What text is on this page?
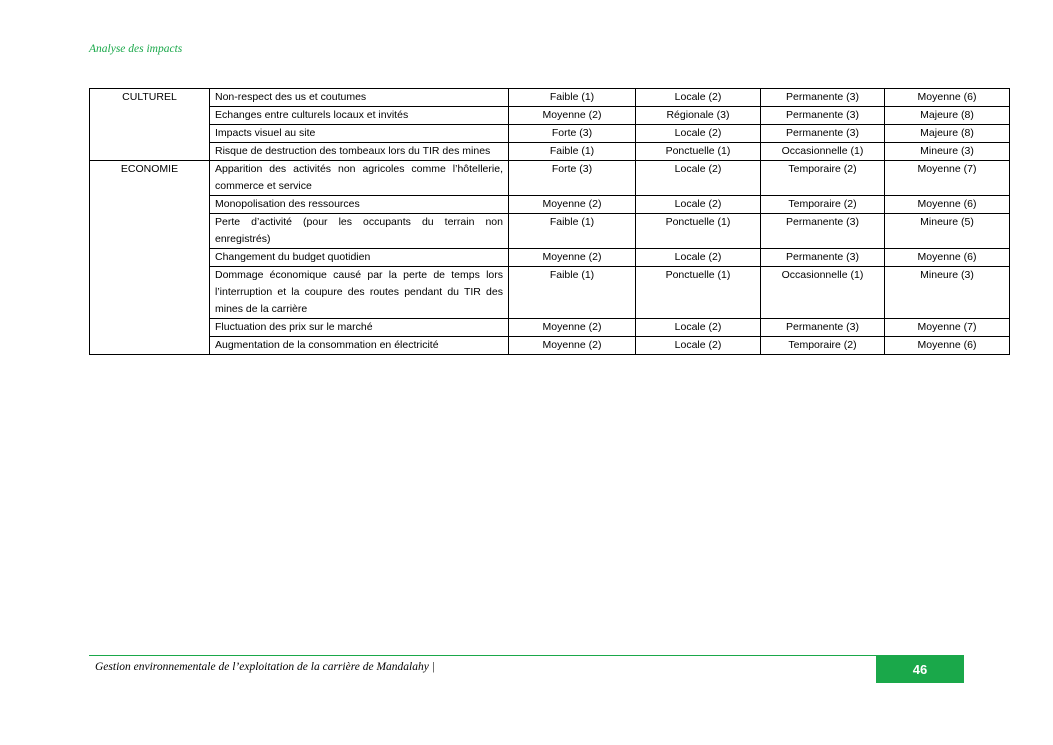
Analyse des impacts
CULTUREL	Non-respect des us et coutumes	Faible (1)	Locale (2)	Permanente (3)	Moyenne (6)
	Echanges entre culturels locaux et invités	Moyenne (2)	Régionale (3)	Permanente (3)	Majeure (8)
	Impacts visuel au site	Forte (3)	Locale (2)	Permanente (3)	Majeure (8)
	Risque de destruction des tombeaux lors du TIR des mines	Faible (1)	Ponctuelle (1)	Occasionnelle (1)	Mineure (3)
ECONOMIE	Apparition des activités non agricoles comme l’hôtellerie, commerce et service	Forte (3)	Locale (2)	Temporaire (2)	Moyenne (7)
	Monopolisation des ressources	Moyenne (2)	Locale (2)	Temporaire (2)	Moyenne (6)
	Perte d’activité (pour les occupants du terrain non enregistrés)	Faible (1)	Ponctuelle (1)	Permanente (3)	Mineure (5)
	Changement du budget quotidien	Moyenne (2)	Locale (2)	Permanente (3)	Moyenne (6)
	Dommage économique causé par la perte de temps lors l’interruption et la coupure des routes pendant du TIR des mines de la carrière	Faible (1)	Ponctuelle (1)	Occasionnelle (1)	Mineure (3)
	Fluctuation des prix sur le marché	Moyenne (2)	Locale (2)	Permanente (3)	Moyenne (7)
	Augmentation de la consommation en électricité	Moyenne (2)	Locale (2)	Temporaire (2)	Moyenne (6)
Gestion environnementale de l’exploitation de la carrière de Mandalahy |	46
